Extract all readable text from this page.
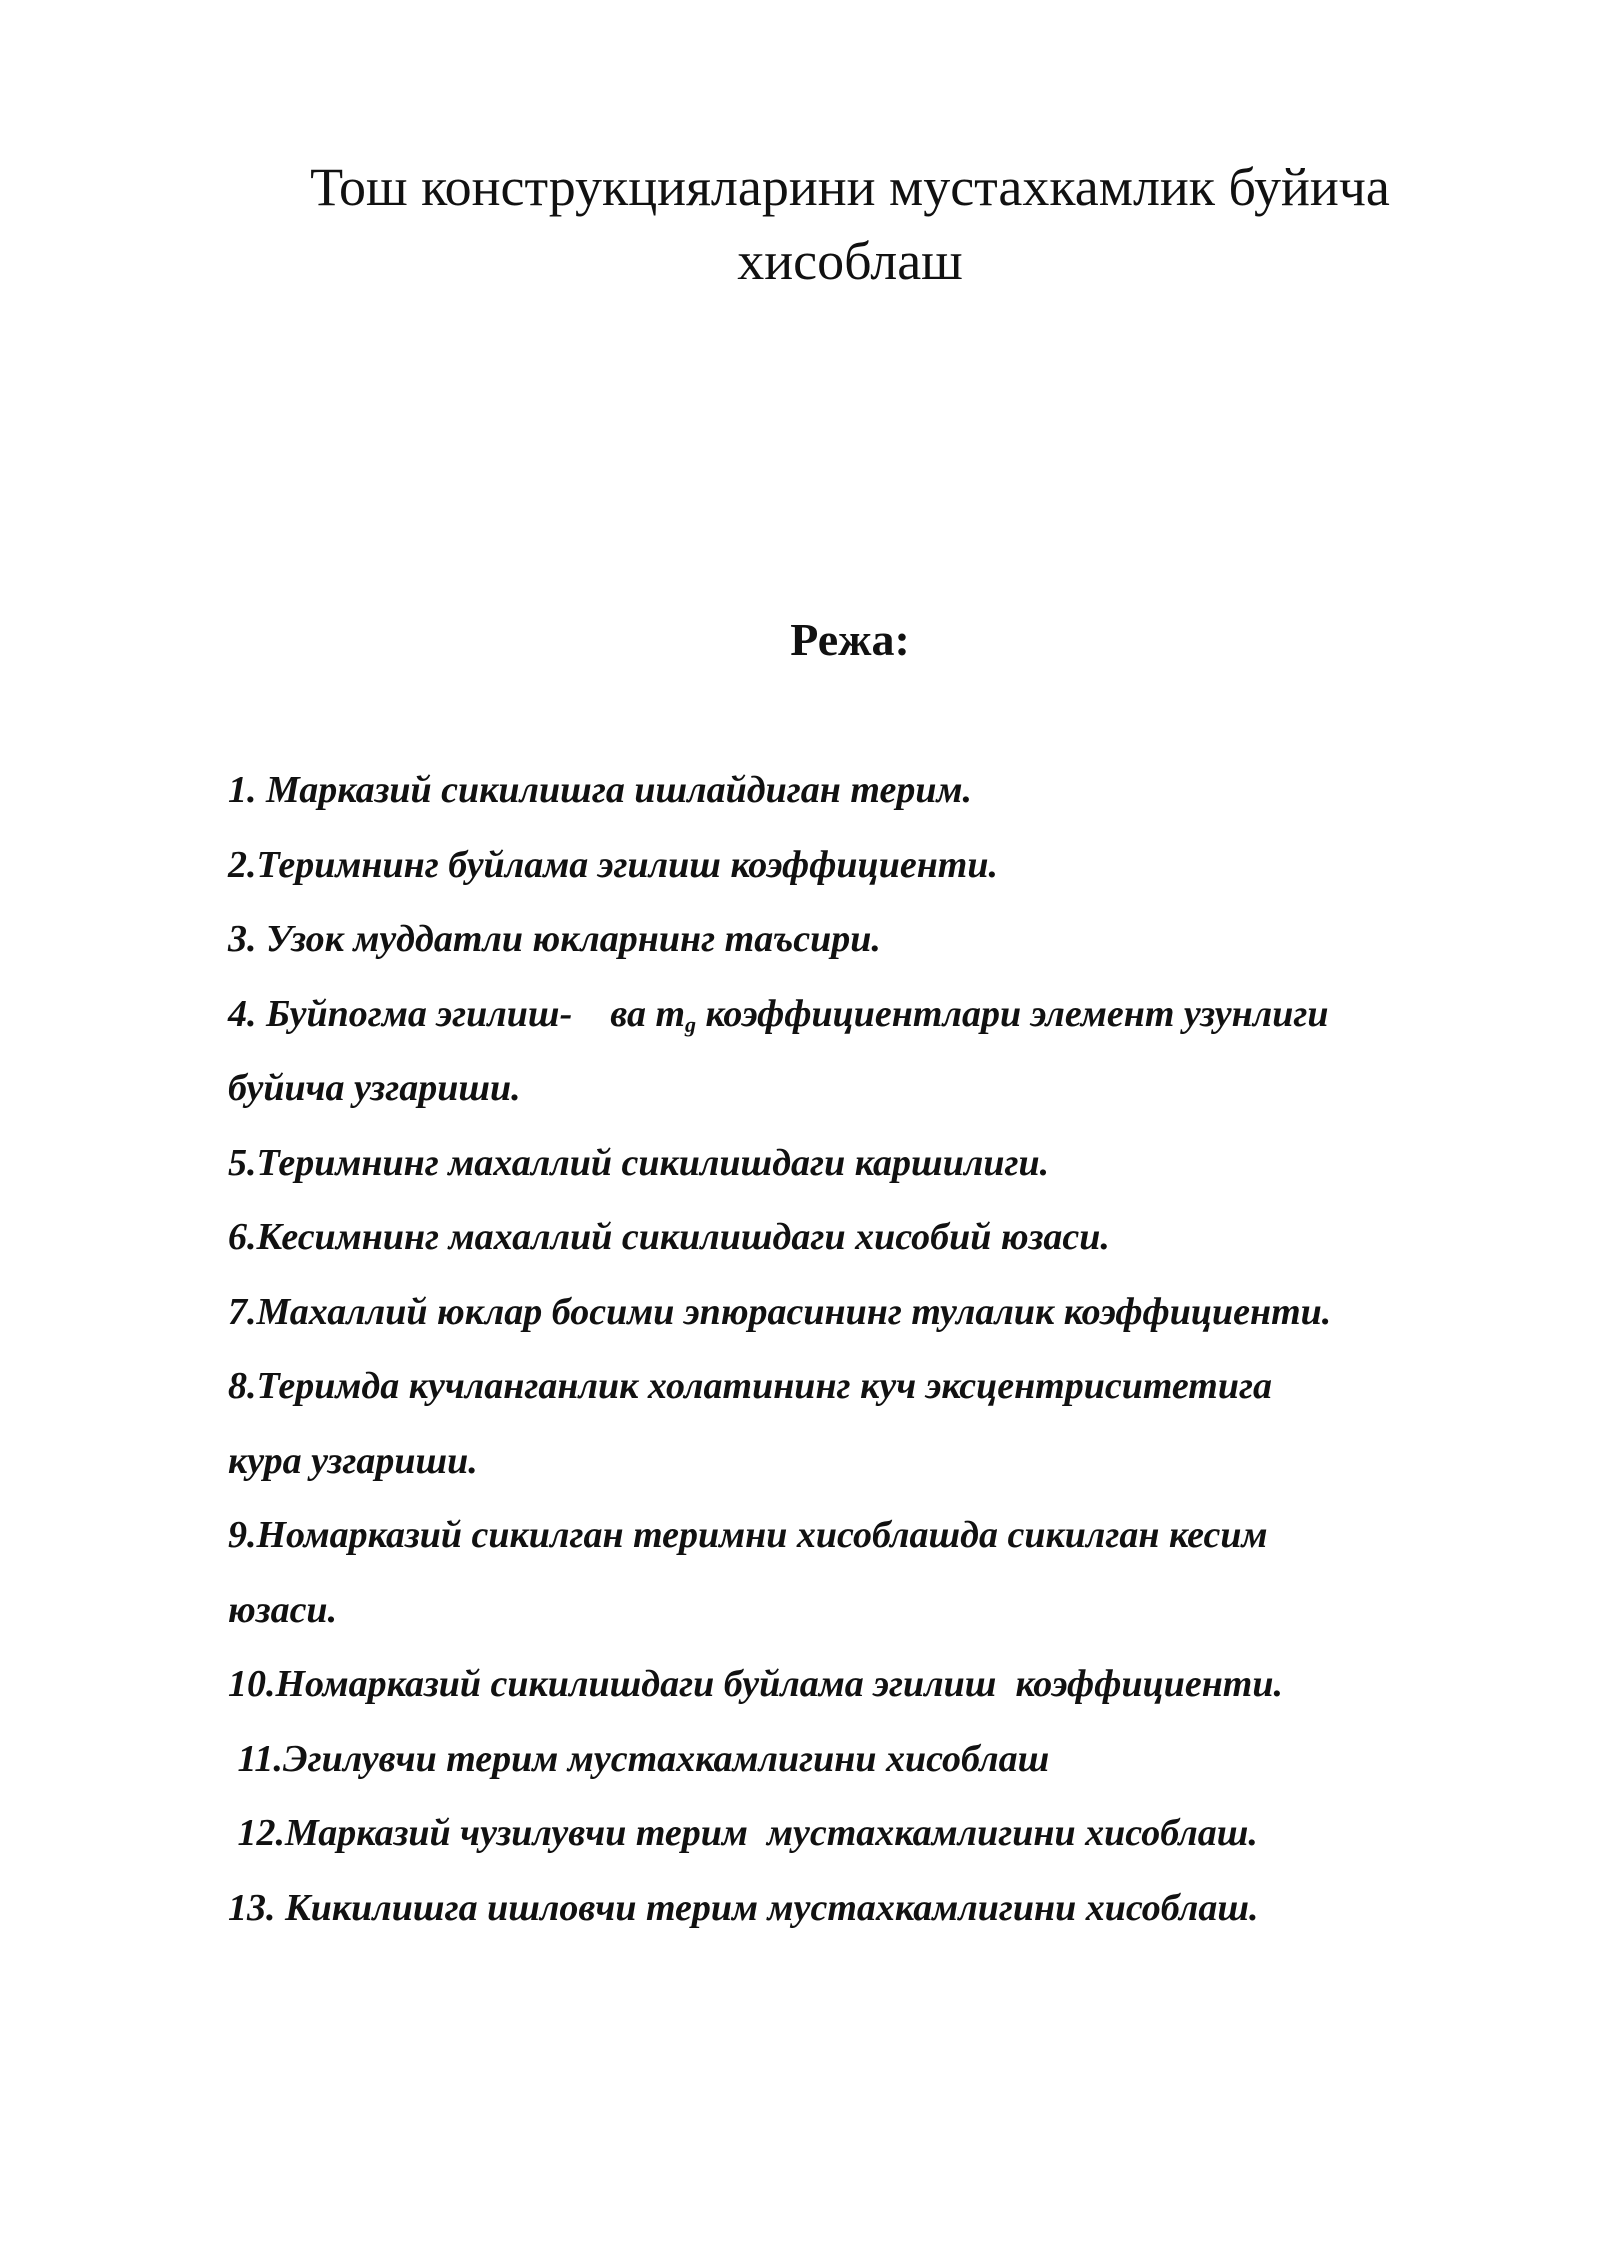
Тош конструкцияларини мустахкамлик буйича
хисоблаш
Режа:
1. Марказий сикилишга ишлайдиган терим.
2.Теримнинг буйлама эгилиш коэффициенти.
3. Узок муддатли юкларнинг таъсири.
4. Буйпогма эгилиш-    ва $m_g$ коэффициентлари элемент узунлиги
буйича узгариши.
5.Теримнинг махаллий сикилишдаги каршилиги.
6.Кесимнинг махаллий сикилишдаги хисобий юзаси.
7.Махаллий юклар босими эпюрасининг тулалик коэффициенти.
8.Теримда кучланганлик холатининг куч эксцентриситетига
кура узгариши.
9.Номарказий сикилган теримни хисоблашда сикилган кесим
юзаси.
10.Номарказий сикилишдаги буйлама эгилиш  коэффициенти.
11.Эгилувчи терим мустахкамлигини хисоблаш
12.Марказий чузилувчи терим  мустахкамлигини хисоблаш.
13. Кикилишга ишловчи терим мустахкамлигини хисоблаш.
